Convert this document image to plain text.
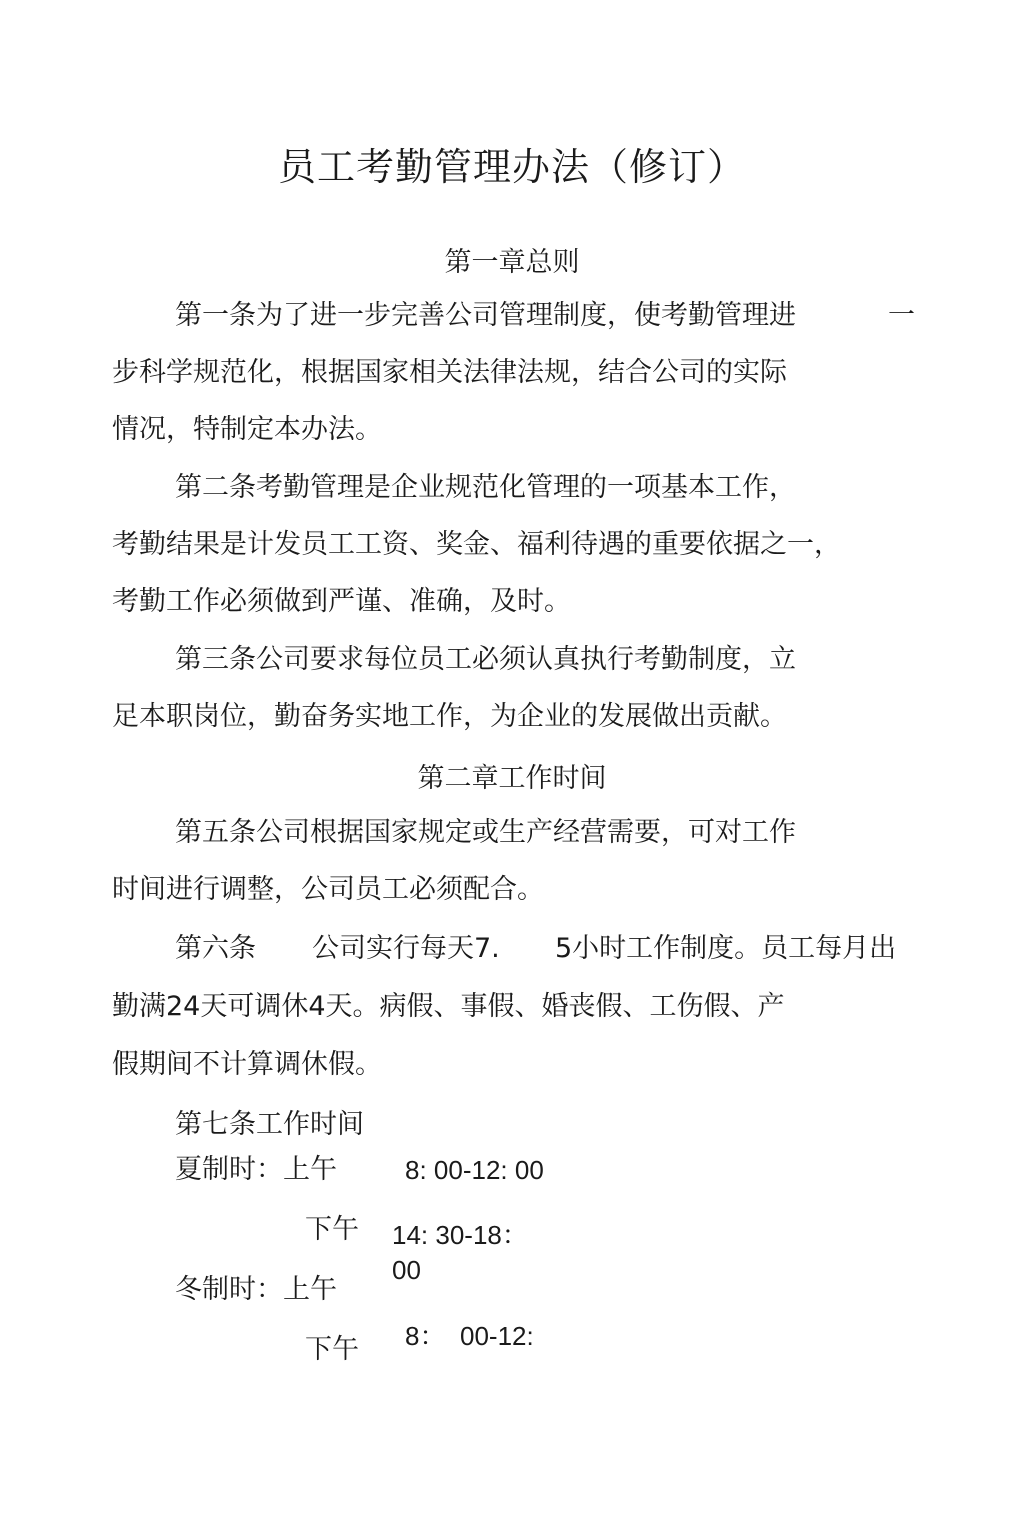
员工考勤管理办法（修订）
第一章总则
第一条为了进一步完善公司管理制度，使考勤管理进	一
步科学规范化，根据国家相关法律法规，结合公司的实际
情况，特制定本办法。
第二条考勤管理是企业规范化管理的一项基本工作，
考勤结果是计发员工工资、奖金、福利待遇的重要依据之一，
考勤工作必须做到严谨、准确，及时。
第三条公司要求每位员工必须认真执行考勤制度，立
足本职岗位，勤奋务实地工作，为企业的发展做出贡献。
第二章工作时间
第五条公司根据国家规定或生产经营需要，可对工作
时间进行调整，公司员工必须配合。
第六条 公司实行每天7. 5小时工作制度。员工每月出
勤满24天可调休4天。病假、事假、婚丧假、工伤假、产
假期间不计算调休假。
第七条工作时间
夏制时：上午	8: 00-12: 00
下午 14: 30-18：
00
冬制时：上午
8： 00-12:
下午
